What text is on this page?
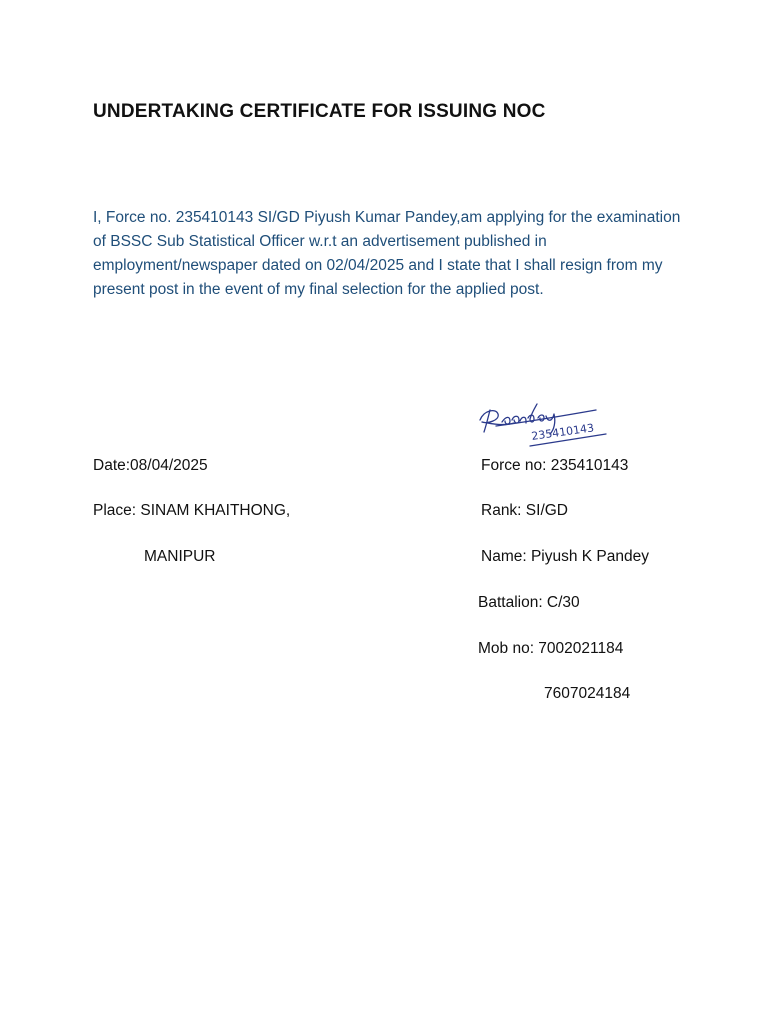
UNDERTAKING CERTIFICATE FOR ISSUING NOC

I, Force no. 235410143 SI/GD Piyush Kumar Pandey,am applying for the examination of BSSC Sub Statistical Officer w.r.t an advertisement published in employment/newspaper dated on 02/04/2025 and I state that I shall resign from my present post in the event of my final selection for the applied post.

235410143
Date:08/04/2025
Place: SINAM KHAITHONG,
MANIPUR
Force no: 235410143
Rank: SI/GD
Name: Piyush K Pandey
Battalion: C/30
Mob no: 7002021184
7607024184
